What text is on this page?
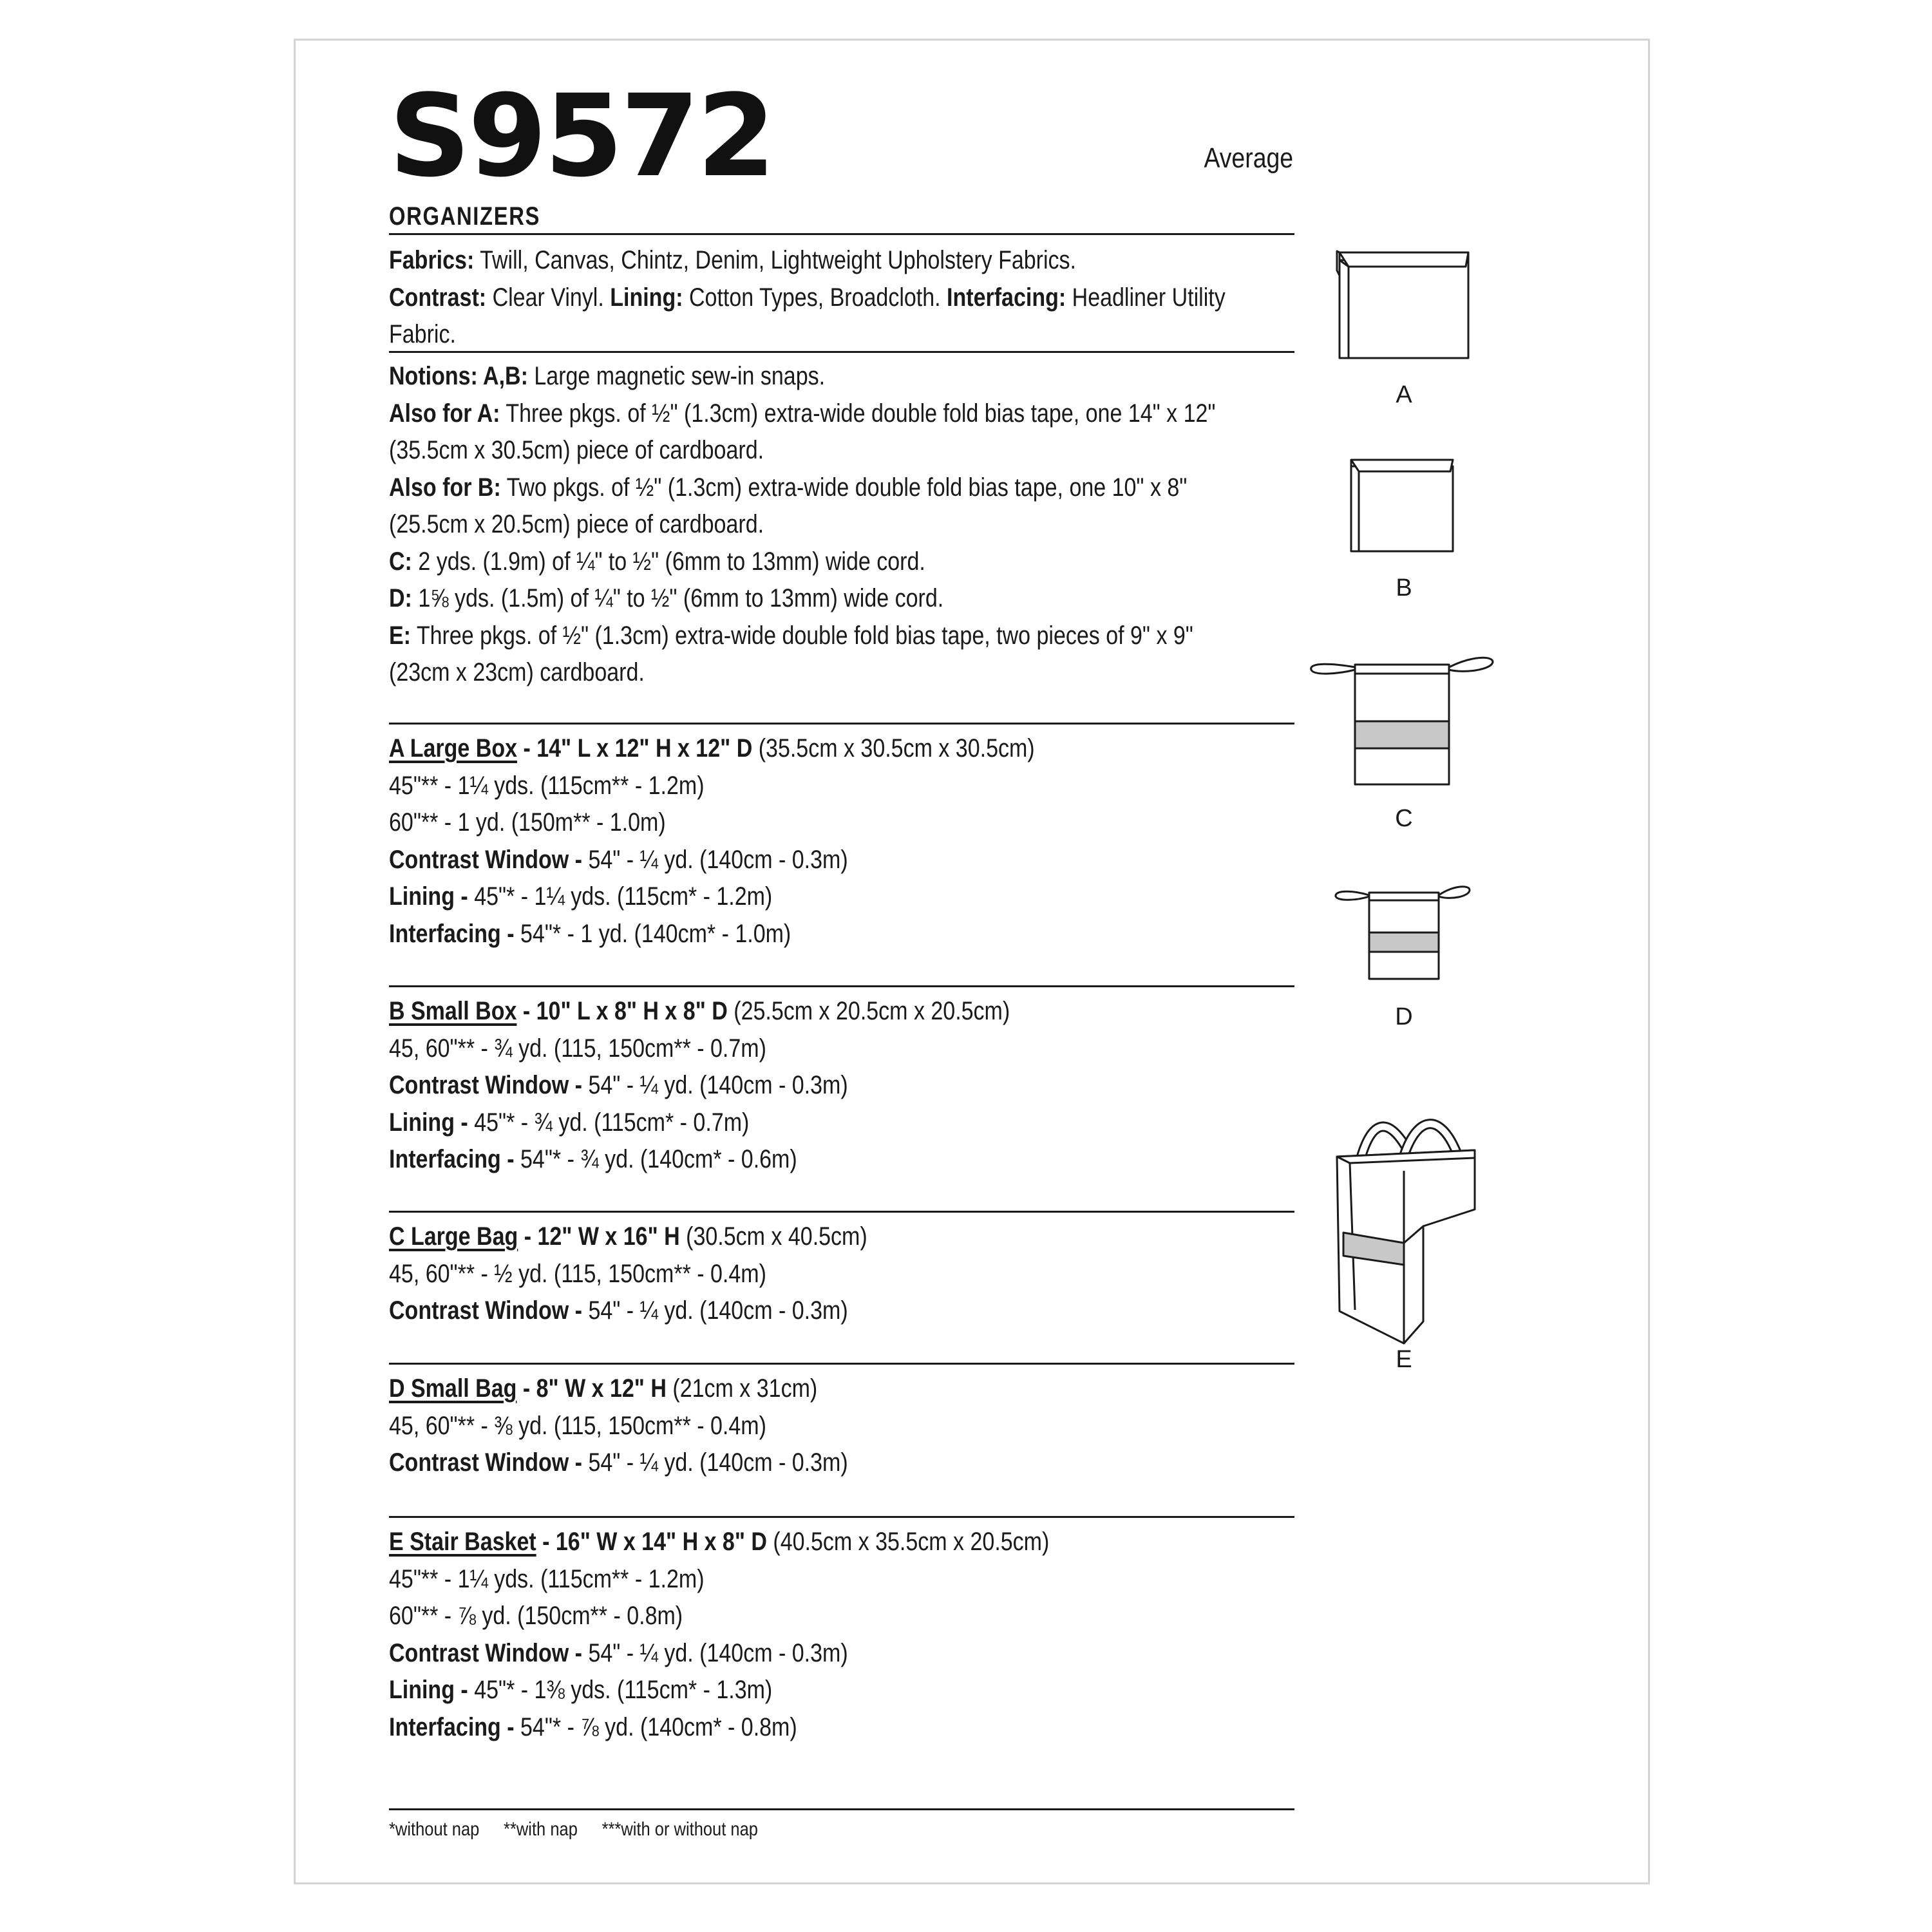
S9572	Average
ORGANIZERS
Fabrics: Twill, Canvas, Chintz, Denim, Lightweight Upholstery Fabrics.
Contrast: Clear Vinyl. Lining: Cotton Types, Broadcloth. Interfacing: Headliner Utility
Fabric.
Notions: A,B: Large magnetic sew-in snaps.
Also for A: Three pkgs. of ½" (1.3cm) extra-wide double fold bias tape, one 14" x 12"
(35.5cm x 30.5cm) piece of cardboard.
Also for B: Two pkgs. of ½" (1.3cm) extra-wide double fold bias tape, one 10" x 8"
(25.5cm x 20.5cm) piece of cardboard.
C: 2 yds. (1.9m) of ¼" to ½" (6mm to 13mm) wide cord.
D: 1⅝ yds. (1.5m) of ¼" to ½" (6mm to 13mm) wide cord.
E: Three pkgs. of ½" (1.3cm) extra-wide double fold bias tape, two pieces of 9" x 9"
(23cm x 23cm) cardboard.
A Large Box - 14" L x 12" H x 12" D (35.5cm x 30.5cm x 30.5cm)
45"** - 1¼ yds. (115cm** - 1.2m)
60"** - 1 yd. (150m** - 1.0m)
Contrast Window - 54" - ¼ yd. (140cm - 0.3m)
Lining - 45"* - 1¼ yds. (115cm* - 1.2m)
Interfacing - 54"* - 1 yd. (140cm* - 1.0m)
B Small Box - 10" L x 8" H x 8" D (25.5cm x 20.5cm x 20.5cm)
45, 60"** - ¾ yd. (115, 150cm** - 0.7m)
Contrast Window - 54" - ¼ yd. (140cm - 0.3m)
Lining - 45"* - ¾ yd. (115cm* - 0.7m)
Interfacing - 54"* - ¾ yd. (140cm* - 0.6m)
C Large Bag - 12" W x 16" H (30.5cm x 40.5cm)
45, 60"** - ½ yd. (115, 150cm** - 0.4m)
Contrast Window - 54" - ¼ yd. (140cm - 0.3m)
D Small Bag - 8" W x 12" H (21cm x 31cm)
45, 60"** - ⅜ yd. (115, 150cm** - 0.4m)
Contrast Window - 54" - ¼ yd. (140cm - 0.3m)
E Stair Basket - 16" W x 14" H x 8" D (40.5cm x 35.5cm x 20.5cm)
45"** - 1¼ yds. (115cm** - 1.2m)
60"** - ⅞ yd. (150cm** - 0.8m)
Contrast Window - 54" - ¼ yd. (140cm - 0.3m)
Lining - 45"* - 1⅜ yds. (115cm* - 1.3m)
Interfacing - 54"* - ⅞ yd. (140cm* - 0.8m)
*without nap **with nap ***with or without nap
A
B
C
D
E
